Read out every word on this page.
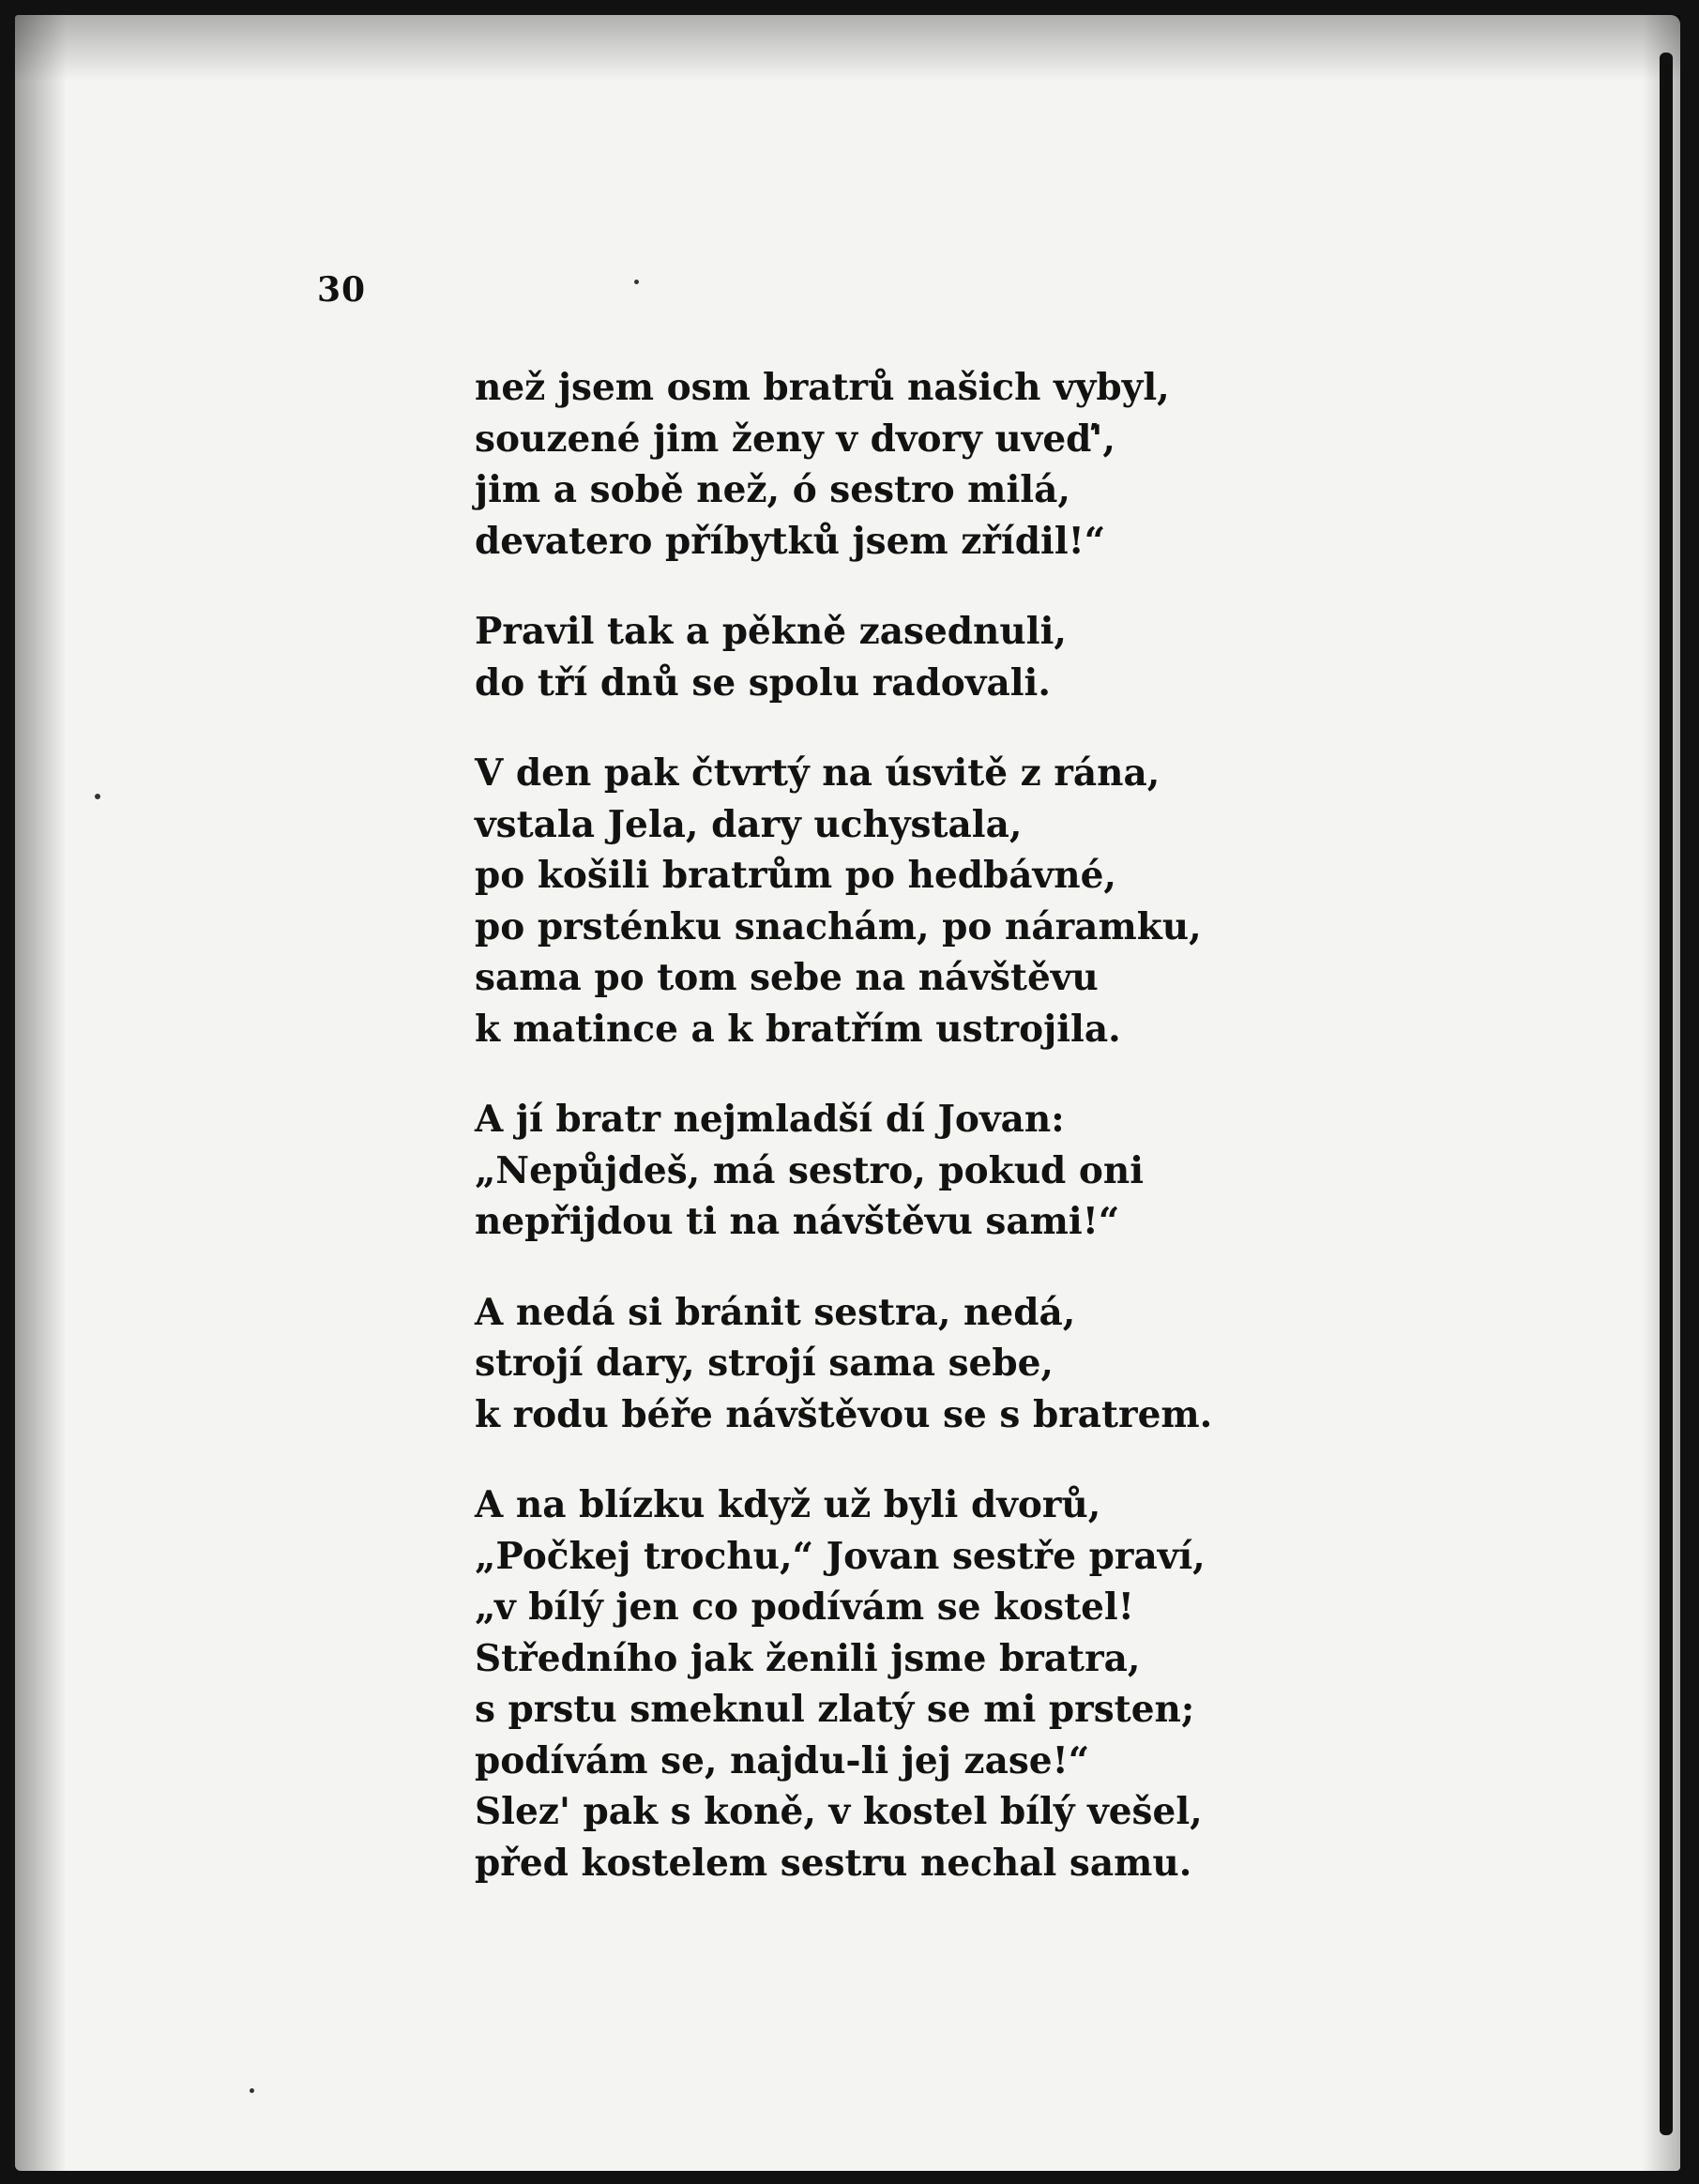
30
než jsem osm bratrů našich vybyl,
souzené jim ženy v dvory uveď',
jim a sobě než, ó sestro milá,
devatero příbytků jsem zřídil!“
Pravil tak a pěkně zasednuli,
do tří dnů se spolu radovali.
V den pak čtvrtý na úsvitě z rána,
vstala Jela, dary uchystala,
po košili bratrům po hedbávné,
po prsténku snachám, po náramku,
sama po tom sebe na návštěvu
k matince a k bratřím ustrojila.
A jí bratr nejmladší dí Jovan:
„Nepůjdeš, má sestro, pokud oni
nepřijdou ti na návštěvu sami!“
A nedá si bránit sestra, nedá,
strojí dary, strojí sama sebe,
k rodu béře návštěvou se s bratrem.
A na blízku když už byli dvorů,
„Počkej trochu,“ Jovan sestře praví,
„v bílý jen co podívám se kostel!
Středního jak ženili jsme bratra,
s prstu smeknul zlatý se mi prsten;
podívám se, najdu-li jej zase!“
Slez' pak s koně, v kostel bílý vešel,
před kostelem sestru nechal samu.
